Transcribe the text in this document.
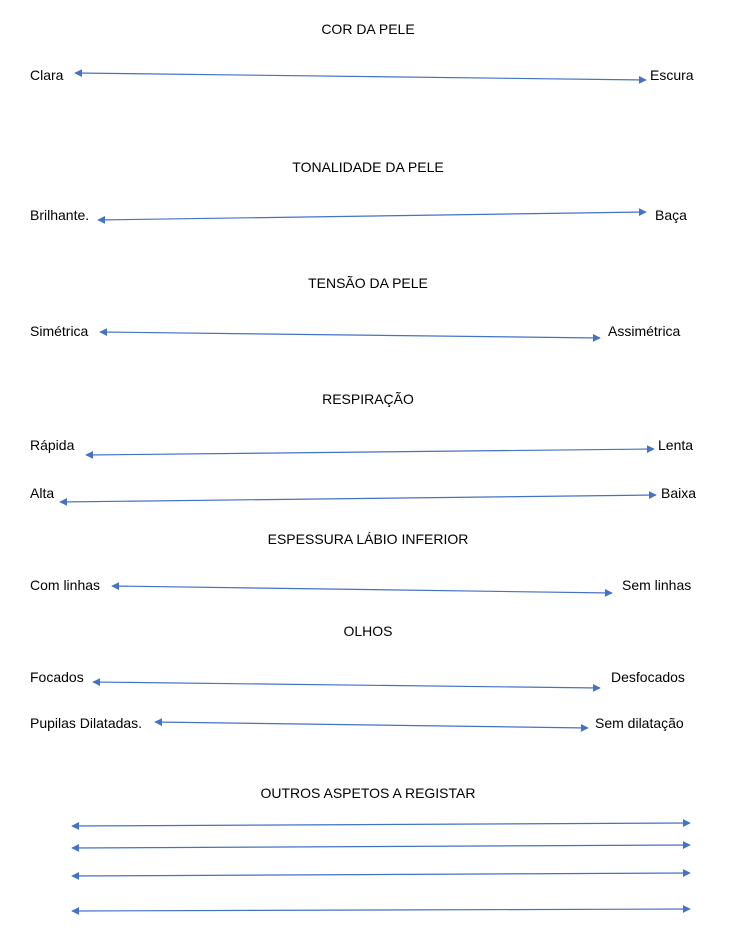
COR DA PELE
TONALIDADE DA PELE
TENSÃO DA PELE
RESPIRAÇÃO
ESPESSURA LÁBIO INFERIOR
OLHOS
OUTROS ASPETOS A REGISTAR
Clara	Escura
Brilhante.	Baça
Simétrica	Assimétrica
Rápida	Lenta
Alta	Baixa
Com linhas	Sem linhas
Focados	Desfocados
Pupilas Dilatadas.	Sem dilatação
